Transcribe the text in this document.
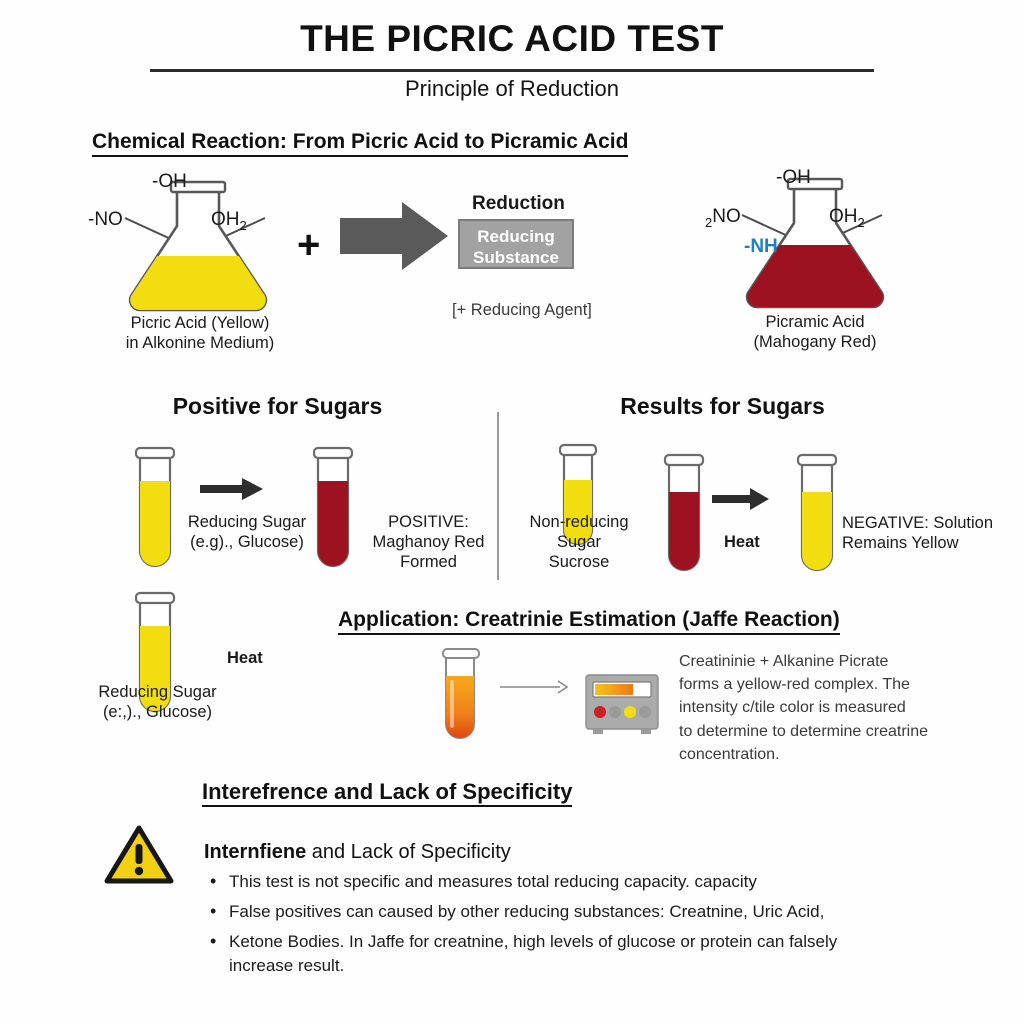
THE PICRIC ACID TEST
Principle of Reduction
Chemical Reaction: From Picric Acid to Picramic Acid
-OH
-NO	$OH_2$
Picric Acid (Yellow)
in Alkonine Medium)
+
Reduction
Reducing
Substance
[+ Reducing Agent]
-OH
$_2$NO	$OH_2$
-NH
Picramic Acid
(Mahogany Red)
Positive for Sugars	Results for Sugars
Reducing Sugar
(e.g)., Glucose)
POSITIVE:
Maghanoy Red
Formed
Heat
Reducing Sugar
(e:,)., Glucose)
Non-reducing
Sugar
Sucrose
Heat
NEGATIVE: Solution
Remains Yellow
Application: Creatrinie Estimation (Jaffe Reaction)
Creatininie + Alkanine Picrate
forms a yellow-red complex. The
intensity c/tile color is measured
to determine to determine creatrine
concentration.
Interefrence and Lack of Specificity
Internfiene and Lack of Specificity
• This test is not specific and measures total reducing capacity. capacity
• False positives can caused by other reducing substances: Creatnine, Uric Acid,
• Ketone Bodies. In Jaffe for creatnine, high levels of glucose or protein can falsely increase result.
